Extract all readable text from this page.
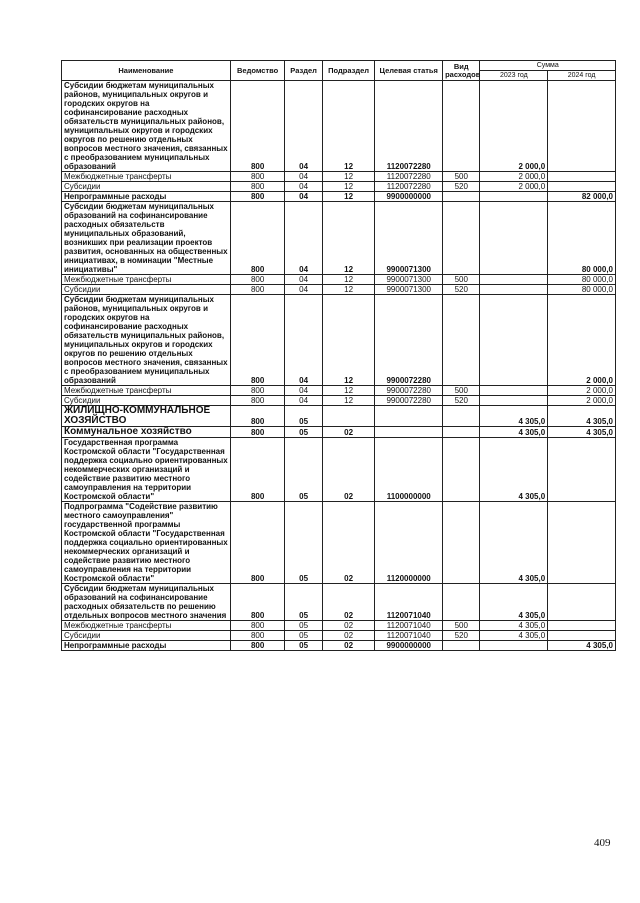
Наименование	Ведомство	Раздел	Подраздел	Целевая статья	Вид расходов	Сумма	
						2023 год	2024 год
Субсидии бюджетам муниципальных районов, муниципальных округов и городских округов на софинансирование расходных обязательств муниципальных районов, муниципальных округов и городских округов по решению отдельных вопросов местного значения, связанных с преобразованием муниципальных образований	800	04	12	1120072280		2 000,0	
Межбюджетные трансферты	800	04	12	1120072280	500	2 000,0	
Субсидии	800	04	12	1120072280	520	2 000,0	
Непрограммные расходы	800	04	12	9900000000			82 000,0
Субсидии бюджетам муниципальных образований на софинансирование расходных обязательств муниципальных образований, возникших при реализации проектов развития, основанных на общественных инициативах, в номинации "Местные инициативы"	800	04	12	9900071300			80 000,0
Межбюджетные трансферты	800	04	12	9900071300	500		80 000,0
Субсидии	800	04	12	9900071300	520		80 000,0
Субсидии бюджетам муниципальных районов, муниципальных округов и городских округов на софинансирование расходных обязательств муниципальных районов, муниципальных округов и городских округов по решению отдельных вопросов местного значения, связанных с преобразованием муниципальных образований	800	04	12	9900072280			2 000,0
Межбюджетные трансферты	800	04	12	9900072280	500		2 000,0
Субсидии	800	04	12	9900072280	520		2 000,0
ЖИЛИЩНО-КОММУНАЛЬНОЕ ХОЗЯЙСТВО	800	05				4 305,0	4 305,0
Коммунальное хозяйство	800	05	02			4 305,0	4 305,0
Государственная программа Костромской области "Государственная поддержка социально ориентированных некоммерческих организаций и содействие развитию местного самоуправления на территории Костромской области"	800	05	02	1100000000		4 305,0	
Подпрограмма "Содействие развитию местного самоуправления" государственной программы Костромской области "Государственная поддержка социально ориентированных некоммерческих организаций и содействие развитию местного самоуправления на территории Костромской области"	800	05	02	1120000000		4 305,0	
Субсидии бюджетам муниципальных образований на софинансирование расходных обязательств по решению отдельных вопросов местного значения	800	05	02	1120071040		4 305,0	
Межбюджетные трансферты	800	05	02	1120071040	500	4 305,0	
Субсидии	800	05	02	1120071040	520	4 305,0	
Непрограммные расходы	800	05	02	9900000000			4 305,0
409
